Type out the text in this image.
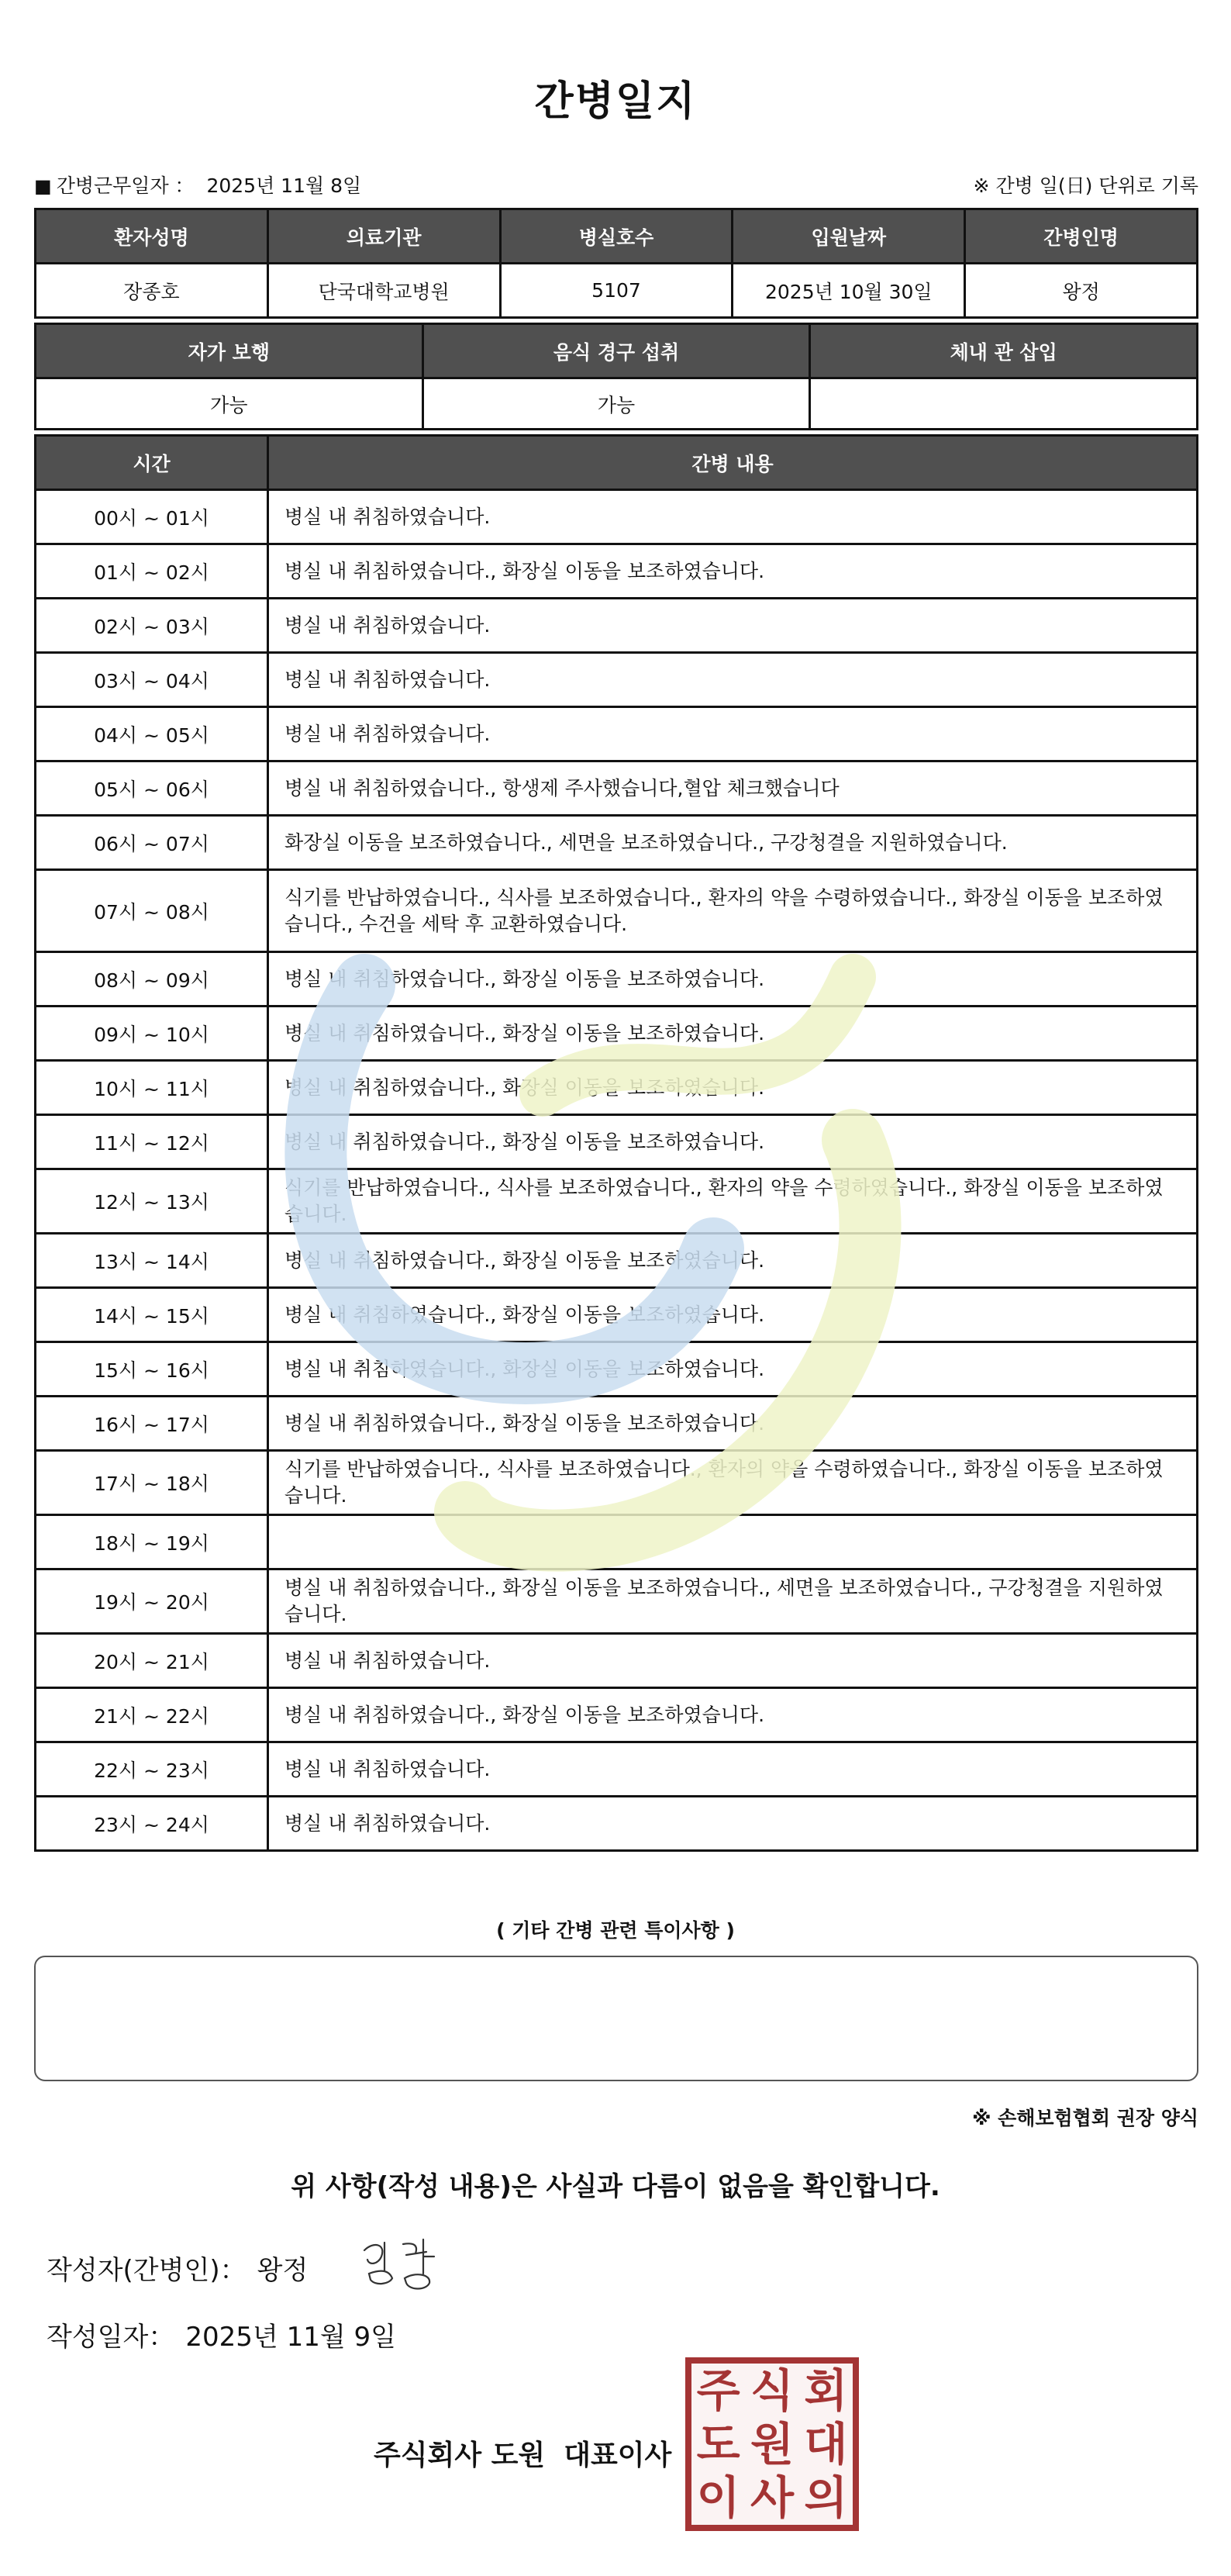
간병일지
■ 간병근무일자 ： 2025년 11월 8일	※ 간병 일(日) 단위로 기록
환자성명	의료기관	병실호수	입원날짜	간병인명
장종호	단국대학교병원	5107	2025년 10월 30일	왕정
자가 보행	음식 경구 섭취	체내 관 삽입
가능	가능	
시간	간병 내용
00시 ~ 01시	병실 내 취침하였습니다.
01시 ~ 02시	병실 내 취침하였습니다., 화장실 이동을 보조하였습니다.
02시 ~ 03시	병실 내 취침하였습니다.
03시 ~ 04시	병실 내 취침하였습니다.
04시 ~ 05시	병실 내 취침하였습니다.
05시 ~ 06시	병실 내 취침하였습니다., 항생제 주사했습니다,혈압 체크했습니다
06시 ~ 07시	화장실 이동을 보조하였습니다., 세면을 보조하였습니다., 구강청결을 지원하였습니다.
07시 ~ 08시	식기를 반납하였습니다., 식사를 보조하였습니다., 환자의 약을 수령하였습니다., 화장실 이동을 보조하였습니다., 수건을 세탁 후 교환하였습니다.
08시 ~ 09시	병실 내 취침하였습니다., 화장실 이동을 보조하였습니다.
09시 ~ 10시	병실 내 취침하였습니다., 화장실 이동을 보조하였습니다.
10시 ~ 11시	병실 내 취침하였습니다., 화장실 이동을 보조하였습니다.
11시 ~ 12시	병실 내 취침하였습니다., 화장실 이동을 보조하였습니다.
12시 ~ 13시	식기를 반납하였습니다., 식사를 보조하였습니다., 환자의 약을 수령하였습니다., 화장실 이동을 보조하였습니다.
13시 ~ 14시	병실 내 취침하였습니다., 화장실 이동을 보조하였습니다.
14시 ~ 15시	병실 내 취침하였습니다., 화장실 이동을 보조하였습니다.
15시 ~ 16시	병실 내 취침하였습니다., 화장실 이동을 보조하였습니다.
16시 ~ 17시	병실 내 취침하였습니다., 화장실 이동을 보조하였습니다.
17시 ~ 18시	식기를 반납하였습니다., 식사를 보조하였습니다., 환자의 약을 수령하였습니다., 화장실 이동을 보조하였습니다.
18시 ~ 19시	
19시 ~ 20시	병실 내 취침하였습니다., 화장실 이동을 보조하였습니다., 세면을 보조하였습니다., 구강청결을 지원하였습니다.
20시 ~ 21시	병실 내 취침하였습니다.
21시 ~ 22시	병실 내 취침하였습니다., 화장실 이동을 보조하였습니다.
22시 ~ 23시	병실 내 취침하였습니다.
23시 ~ 24시	병실 내 취침하였습니다.
( 기타 간병 관련 특이사항 )
※ 손해보험협회 권장 양식
위 사항(작성 내용)은 사실과 다름이 없음을 확인합니다.
작성자(간병인)： 왕정
작성일자： 2025년 11월 9일
주식회사 도원 대표이사
주 식 회
도 원 대
이 사 의
